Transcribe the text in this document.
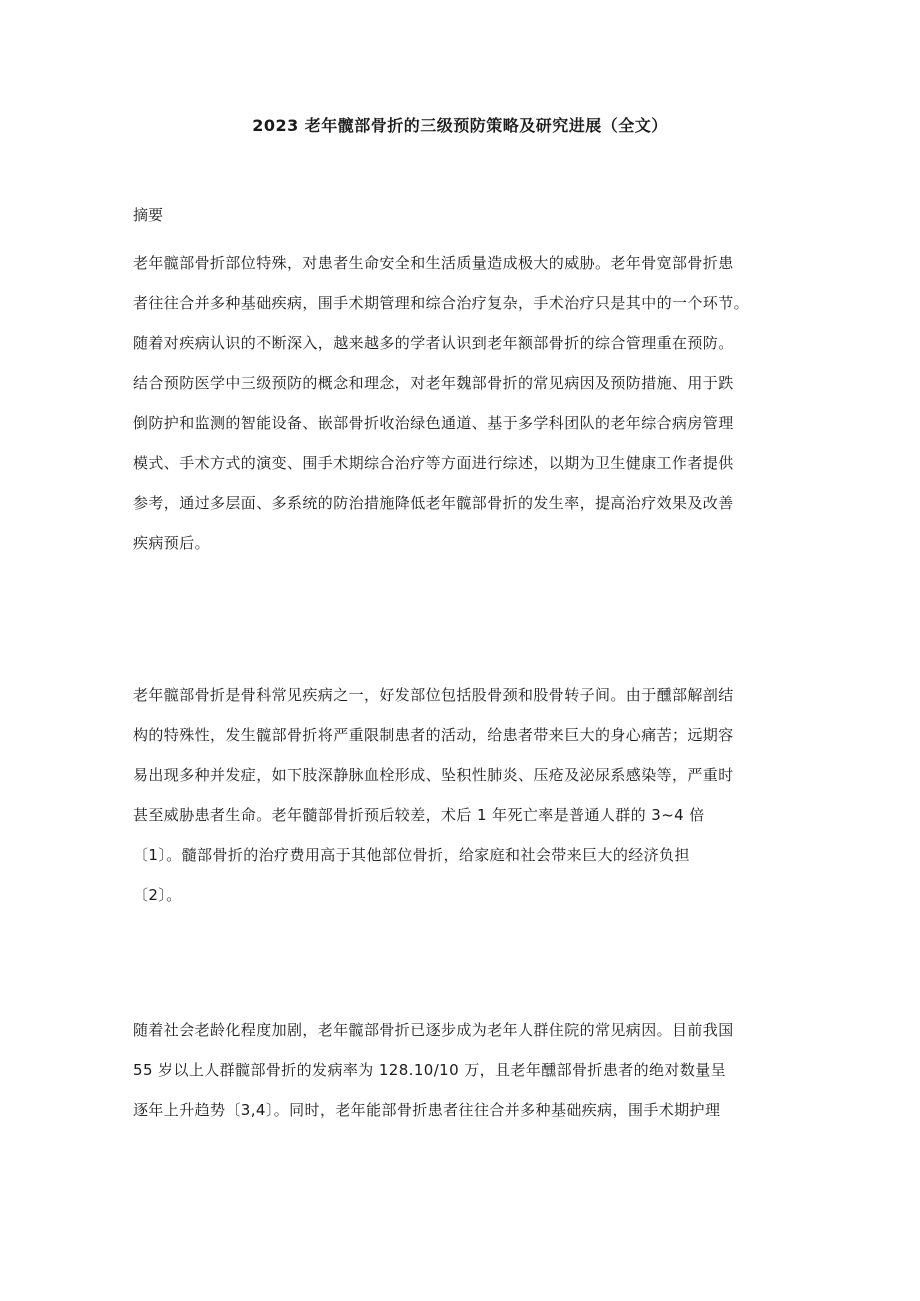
2023 老年髋部骨折的三级预防策略及研究进展（全文）

摘要

老年髋部骨折部位特殊，对患者生命安全和生活质量造成极大的威胁。老年骨宽部骨折患
者往往合并多种基础疾病，围手术期管理和综合治疗复杂，手术治疗只是其中的一个环节。
随着对疾病认识的不断深入，越来越多的学者认识到老年额部骨折的综合管理重在预防。
结合预防医学中三级预防的概念和理念，对老年魏部骨折的常见病因及预防措施、用于跌
倒防护和监测的智能设备、嵌部骨折收治绿色通道、基于多学科团队的老年综合病房管理
模式、手术方式的演变、围手术期综合治疗等方面进行综述，以期为卫生健康工作者提供
参考，通过多层面、多系统的防治措施降低老年髋部骨折的发生率，提高治疗效果及改善
疾病预后。

老年髋部骨折是骨科常见疾病之一，好发部位包括股骨颈和股骨转子间。由于醺部解剖结
构的特殊性，发生髋部骨折将严重限制患者的活动，给患者带来巨大的身心痛苦；远期容
易出现多种并发症，如下肢深静脉血栓形成、坠积性肺炎、压疮及泌尿系感染等，严重时
甚至威胁患者生命。老年髓部骨折预后较差，术后 1 年死亡率是普通人群的 3~4 倍
〔1〕。髓部骨折的治疗费用高于其他部位骨折，给家庭和社会带来巨大的经济负担
〔2〕。

随着社会老龄化程度加剧，老年髋部骨折已逐步成为老年人群住院的常见病因。目前我国
55 岁以上人群髋部骨折的发病率为 128.10/10 万，且老年醺部骨折患者的绝对数量呈
逐年上升趋势〔3,4〕。同时，老年能部骨折患者往往合并多种基础疾病，围手术期护理
